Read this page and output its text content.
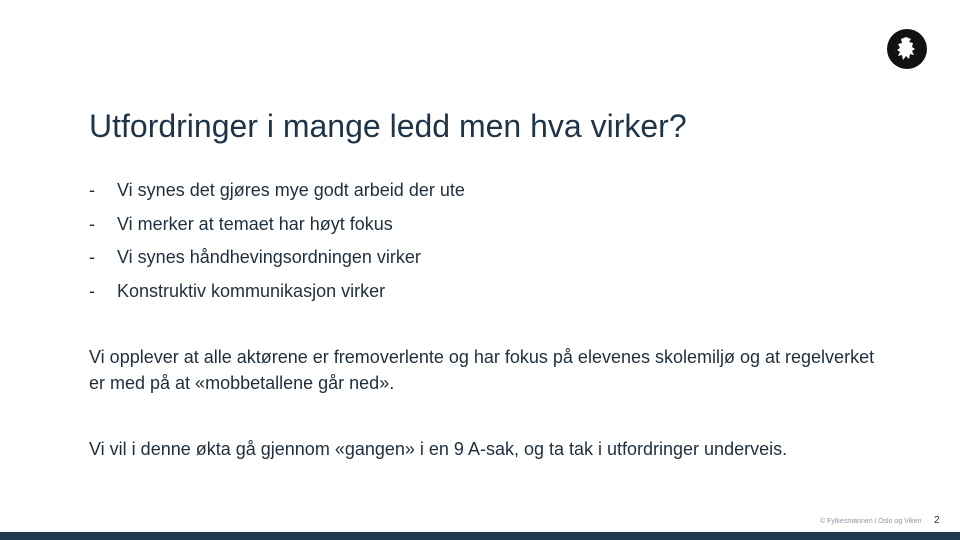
Utfordringer i mange ledd men hva virker?
-	Vi synes det gjøres mye godt arbeid der ute
-	Vi merker at temaet har høyt fokus
-	Vi synes håndhevingsordningen virker
-	Konstruktiv kommunikasjon virker

Vi opplever at alle aktørene er fremoverlente og har fokus på elevenes skolemiljø og at regelverket er med på at «mobbetallene går ned».

Vi vil i denne økta gå gjennom «gangen» i en 9 A-sak, og ta tak i utfordringer underveis.

© Fylkesmannen i Oslo og Viken 2
